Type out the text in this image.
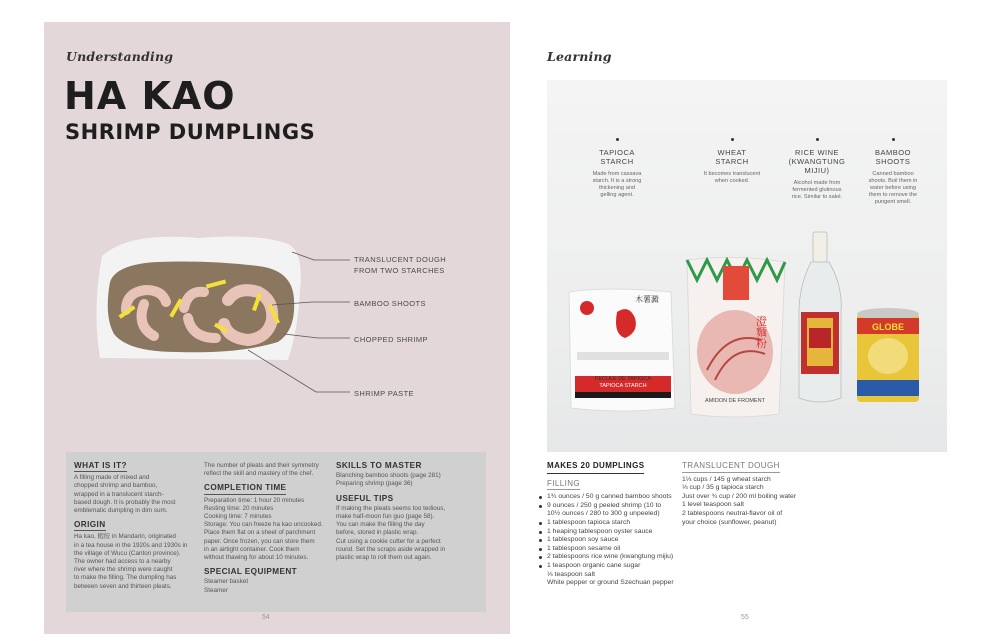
Understanding
HA KAO
SHRIMP DUMPLINGS
TRANSLUCENT DOUGH
FROM TWO STARCHES
BAMBOO SHOOTS
CHOPPED SHRIMP
SHRIMP PASTE
WHAT IS IT?

A filling made of mixed and
chopped shrimp and bamboo,
wrapped in a translucent starch-
based dough. It is probably the most
emblematic dumpling in dim sum.

ORIGIN

Ha kao, 蝦餃 in Mandarin, originated
in a tea house in the 1920s and 1930s in
the village of Wucu (Canton province).
The owner had access to a nearby
river where the shrimp were caught
to make the filling. The dumpling has
between seven and thirteen pleats.

The number of pleats and their symmetry
reflect the skill and mastery of the chef.

COMPLETION TIME

Preparation time: 1 hour 20 minutes
Resting time: 20 minutes
Cooking time: 7 minutes
Storage: You can freeze ha kao uncooked.
Place them flat on a sheet of parchment
paper. Once frozen, you can store them
in an airtight container. Cook them
without thawing for about 10 minutes.

SPECIAL EQUIPMENT

Steamer basket
Steamer

SKILLS TO MASTER

Blanching bamboo shoots (page 281)
Preparing shrimp (page 36)

USEFUL TIPS

If making the pleats seems too tedious,
make half-moon fun guo (page 58).
You can make the filling the day
before, stored in plastic wrap.
Cut using a cookie cutter for a perfect
round. Set the scraps aside wrapped in
plastic wrap to roll them out again.

54
Learning
TAPIOCA
STARCH
Made from cassava
starch. It is a strong
thickening and
gelling agent.
WHEAT
STARCH
It becomes translucent
when cooked.
RICE WINE
(KWANGTUNG
MIJIU)
Alcohol made from
fermented glutinous
rice. Similar to saké.
BAMBOO
SHOOTS
Canned bamboo
shoots. Boil them in
water before using
them to remove the
pungent smell.
GLOBE
木薯澱
FECULE DE TAPIOCA
TAPIOCA STARCH
澄麵粉
AMIDON DE FROMENT
MAKES 20 DUMPLINGS
FILLING
1¾ ounces / 50 g canned bamboo shoots
9 ounces / 250 g peeled shrimp (10 to
10½ ounces / 280 to 300 g unpeeled)
1 tablespoon tapioca starch
1 heaping tablespoon oyster sauce
1 tablespoon soy sauce
1 tablespoon sesame oil
2 tablespoons rice wine (kwangtung mijiu)
1 teaspoon organic cane sugar
⅓ teaspoon salt
White pepper or ground Szechuan pepper
TRANSLUCENT DOUGH
1⅓ cups / 145 g wheat starch
⅓ cup / 35 g tapioca starch
Just over ¾ cup / 200 ml boiling water
1 level teaspoon salt
2 tablespoons neutral-flavor oil of
your choice (sunflower, peanut)
55
